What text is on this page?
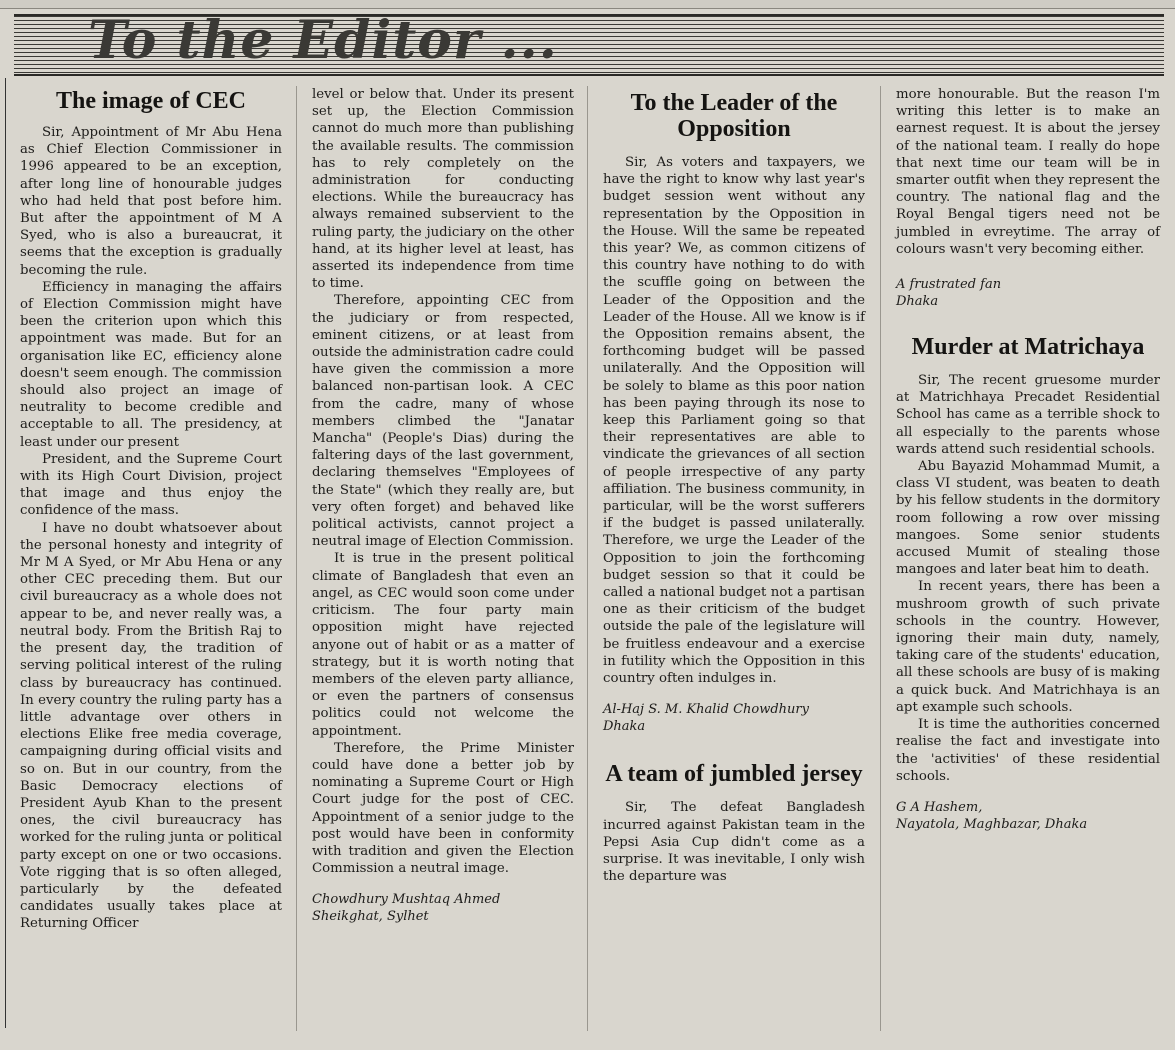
To the Editor ...
The image of CEC

Sir, Appointment of Mr Abu Hena as Chief Election Commissioner in 1996 appeared to be an exception, after long line of honourable judges who had held that post before him. But after the appointment of M A Syed, who is also a bureaucrat, it seems that the exception is gradually becoming the rule.

Efficiency in managing the affairs of Election Commission might have been the criterion upon which this appointment was made. But for an organisation like EC, efficiency alone doesn't seem enough. The commission should also project an image of neutrality to become credible and acceptable to all. The presidency, at least under our present

President, and the Supreme Court with its High Court Division, project that image and thus enjoy the confidence of the mass.

I have no doubt whatsoever about the personal honesty and integrity of Mr M A Syed, or Mr Abu Hena or any other CEC preceding them. But our civil bureaucracy as a whole does not appear to be, and never really was, a neutral body. From the British Raj to the present day, the tradition of serving political interest of the ruling class by bureaucracy has continued. In every country the ruling party has a little advantage over others in elections Elike free media coverage, campaigning during official visits and so on. But in our country, from the Basic Democracy elections of President Ayub Khan to the present ones, the civil bureaucracy has worked for the ruling junta or political party except on one or two occasions. Vote rigging that is so often alleged, particularly by the defeated candidates usually takes place at Returning Officer

level or below that. Under its present set up, the Election Commission cannot do much more than publishing the available results. The commission has to rely completely on the administration for conducting elections. While the bureaucracy has always remained subservient to the ruling party, the judiciary on the other hand, at its higher level at least, has asserted its independence from time to time.

Therefore, appointing CEC from the judiciary or from respected, eminent citizens, or at least from outside the administration cadre could have given the commission a more balanced non-partisan look. A CEC from the cadre, many of whose members climbed the "Janatar Mancha" (People's Dias) during the faltering days of the last government, declaring themselves "Employees of the State" (which they really are, but very often forget) and behaved like political activists, cannot project a neutral image of Election Commission.

It is true in the present political climate of Bangladesh that even an angel, as CEC would soon come under criticism. The four party main opposition might have rejected anyone out of habit or as a matter of strategy, but it is worth noting that members of the eleven party alliance, or even the partners of consensus politics could not welcome the appointment.

Therefore, the Prime Minister could have done a better job by nominating a Supreme Court or High Court judge for the post of CEC. Appointment of a senior judge to the post would have been in conformity with tradition and given the Election Commission a neutral image.

Chowdhury Mushtaq Ahmed
Sheikghat, Sylhet
To the Leader of the Opposition

Sir, As voters and taxpayers, we have the right to know why last year's budget session went without any representation by the Opposition in the House. Will the same be repeated this year? We, as common citizens of this country have nothing to do with the scuffle going on between the Leader of the Opposition and the Leader of the House. All we know is if the Opposition remains absent, the forthcoming budget will be passed unilaterally. And the Opposition will be solely to blame as this poor nation has been paying through its nose to keep this Parliament going so that their representatives are able to vindicate the grievances of all section of people irrespective of any party affiliation. The business community, in particular, will be the worst sufferers if the budget is passed unilaterally. Therefore, we urge the Leader of the Opposition to join the forthcoming budget session so that it could be called a national budget not a partisan one as their criticism of the budget outside the pale of the legislature will be fruitless endeavour and a exercise in futility which the Opposition in this country often indulges in.

Al-Haj S. M. Khalid Chowdhury
Dhaka
A team of jumbled jersey

Sir, The defeat Bangladesh incurred against Pakistan team in the Pepsi Asia Cup didn't come as a surprise. It was inevitable, I only wish the departure was

more honourable. But the reason I'm writing this letter is to make an earnest request. It is about the jersey of the national team. I really do hope that next time our team will be in smarter outfit when they represent the country. The national flag and the Royal Bengal tigers need not be jumbled in evreytime. The array of colours wasn't very becoming either.

A frustrated fan
Dhaka
Murder at Matrichaya

Sir, The recent gruesome murder at Matrichhaya Precadet Residential School has came as a terrible shock to all especially to the parents whose wards attend such residential schools.

Abu Bayazid Mohammad Mumit, a class VI student, was beaten to death by his fellow students in the dormitory room following a row over missing mangoes. Some senior students accused Mumit of stealing those mangoes and later beat him to death.

In recent years, there has been a mushroom growth of such private schools in the country. However, ignoring their main duty, namely, taking care of the students' education, all these schools are busy of is making a quick buck. And Matrichhaya is an apt example such schools.

It is time the authorities concerned realise the fact and investigate into the 'activities' of these residential schools.

G A Hashem,
Nayatola, Maghbazar, Dhaka
